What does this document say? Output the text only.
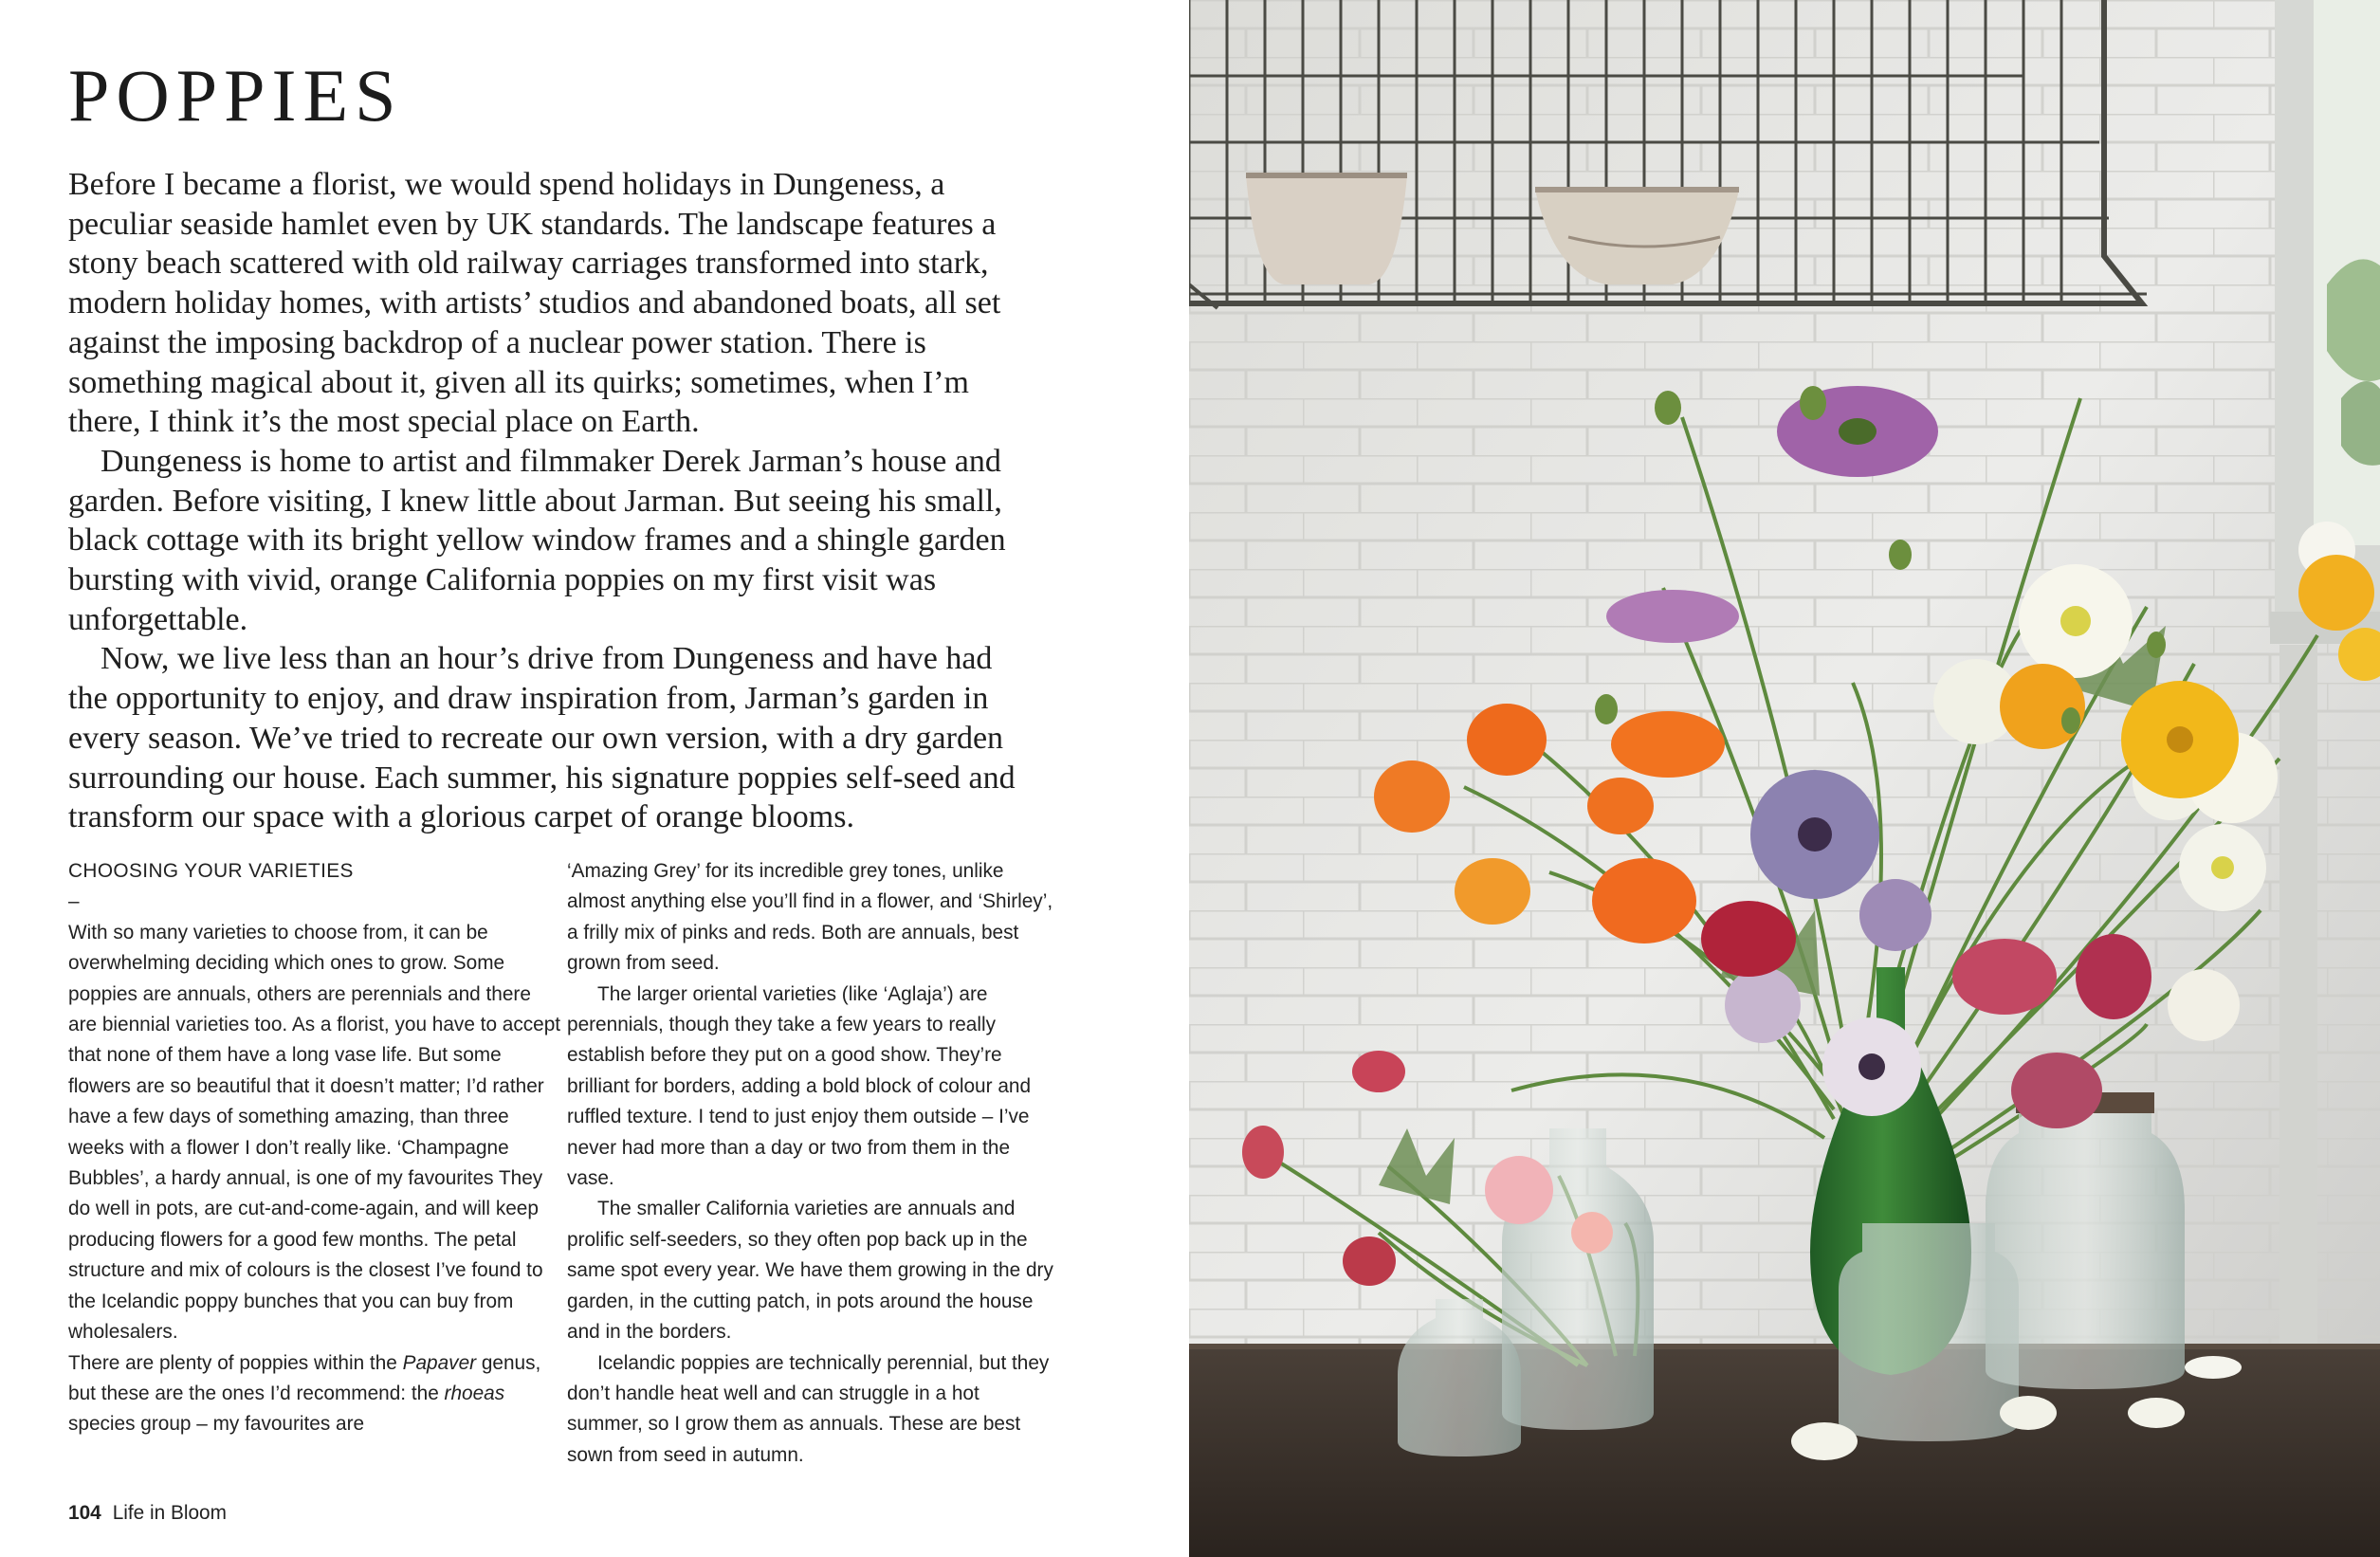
POPPIES

Before I became a florist, we would spend holidays in Dungeness, a peculiar seaside hamlet even by UK standards. The landscape features a stony beach scattered with old railway carriages transformed into stark, modern holiday homes, with artists’ studios and abandoned boats, all set against the imposing backdrop of a nuclear power station. There is something magical about it, given all its quirks; sometimes, when I’m there, I think it’s the most special place on Earth.

Dungeness is home to artist and filmmaker Derek Jarman’s house and garden. Before visiting, I knew little about Jarman. But seeing his small, black cottage with its bright yellow window frames and a shingle garden bursting with vivid, orange California poppies on my first visit was unforgettable.

Now, we live less than an hour’s drive from Dungeness and have had the opportunity to enjoy, and draw inspiration from, Jarman’s garden in every season. We’ve tried to recreate our own version, with a dry garden surrounding our house. Each summer, his signature poppies self-seed and transform our space with a glorious carpet of orange blooms.

CHOOSING YOUR VARIETIES

–

With so many varieties to choose from, it can be overwhelming deciding which ones to grow. Some poppies are annuals, others are perennials and there are biennial varieties too. As a florist, you have to accept that none of them have a long vase life. But some flowers are so beautiful that it doesn’t matter; I’d rather have a few days of something amazing, than three weeks with a flower I don’t really like. ‘Champagne Bubbles’, a hardy annual, is one of my favourites They do well in pots, are cut-and-come-again, and will keep producing flowers for a good few months. The petal structure and mix of colours is the closest I’ve found to the Icelandic poppy bunches that you can buy from wholesalers.

There are plenty of poppies within the Papaver genus, but these are the ones I’d recommend: the rhoeas species group – my favourites are

‘Amazing Grey’ for its incredible grey tones, unlike almost anything else you’ll find in a flower, and ‘Shirley’, a frilly mix of pinks and reds. Both are annuals, best grown from seed.

The larger oriental varieties (like ‘Aglaja’) are perennials, though they take a few years to really establish before they put on a good show. They’re brilliant for borders, adding a bold block of colour and ruffled texture. I tend to just enjoy them outside – I’ve never had more than a day or two from them in the vase.

The smaller California varieties are annuals and prolific self-seeders, so they often pop back up in the same spot every year. We have them growing in the dry garden, in the cutting patch, in pots around the house and in the borders.

Icelandic poppies are technically perennial, but they don’t handle heat well and can struggle in a hot summer, so I grow them as annuals. These are best sown from seed in autumn.

104 Life in Bloom
